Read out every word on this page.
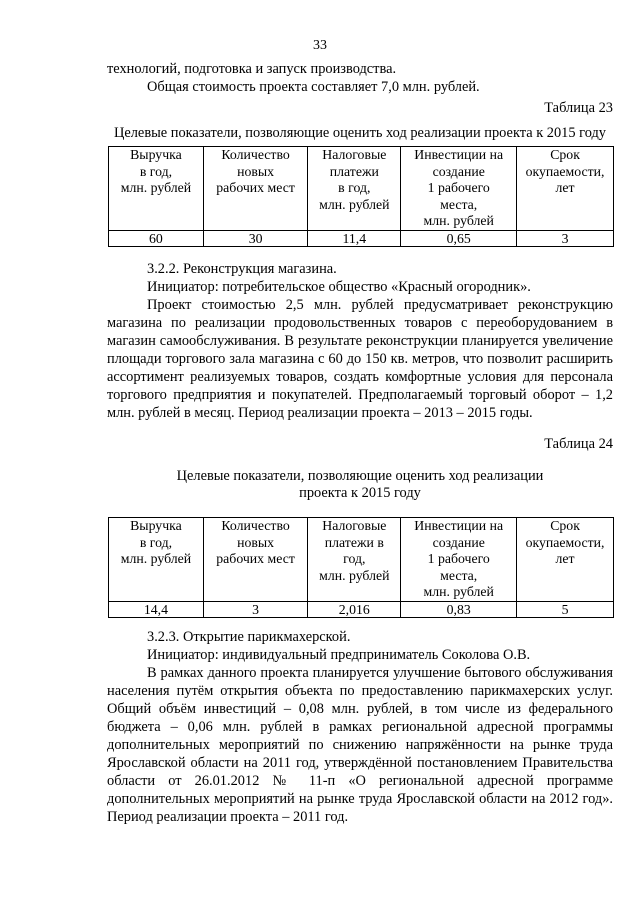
33
технологий, подготовка и запуск производства.
Общая стоимость проекта составляет 7,0 млн. рублей.
Таблица 23
Целевые показатели, позволяющие оценить ход реализации проекта к 2015 году
Выручка
в год,
млн. рублей	Количество
новых
рабочих мест	Налоговые
платежи
в год,
млн. рублей	Инвестиции на
создание
1 рабочего
места,
млн. рублей	Срок
окупаемости,
лет
60	30	11,4	0,65	3
3.2.2. Реконструкция магазина.
Инициатор: потребительское общество «Красный огородник».
Проект стоимостью 2,5 млн. рублей предусматривает реконструкцию магазина по реализации продовольственных товаров с переоборудованием в магазин самообслуживания. В результате реконструкции планируется увеличение площади торгового зала магазина с 60 до 150 кв. метров, что позволит расширить ассортимент реализуемых товаров, создать комфортные условия для персонала торгового предприятия и покупателей. Предполагаемый торговый оборот – 1,2 млн. рублей в месяц. Период реализации проекта – 2013 – 2015 годы.
Таблица 24
Целевые показатели, позволяющие оценить ход реализации
проекта к 2015 году
Выручка
в год,
млн. рублей	Количество
новых
рабочих мест	Налоговые
платежи в
год,
млн. рублей	Инвестиции на
создание
1 рабочего
места,
млн. рублей	Срок
окупаемости,
лет
14,4	3	2,016	0,83	5
3.2.3. Открытие парикмахерской.
Инициатор: индивидуальный предприниматель Соколова О.В.
В рамках данного проекта планируется улучшение бытового обслуживания населения путём открытия объекта по предоставлению парикмахерских услуг. Общий объём инвестиций – 0,08 млн. рублей, в том числе из федерального бюджета – 0,06 млн. рублей в рамках региональной адресной программы дополнительных мероприятий по снижению напряжённости на рынке труда Ярославской области на 2011 год, утверждённой постановлением Правительства области от 26.01.2012 № 11-п «О региональной адресной программе дополнительных мероприятий на рынке труда Ярославской области на 2012 год». Период реализации проекта – 2011 год.
